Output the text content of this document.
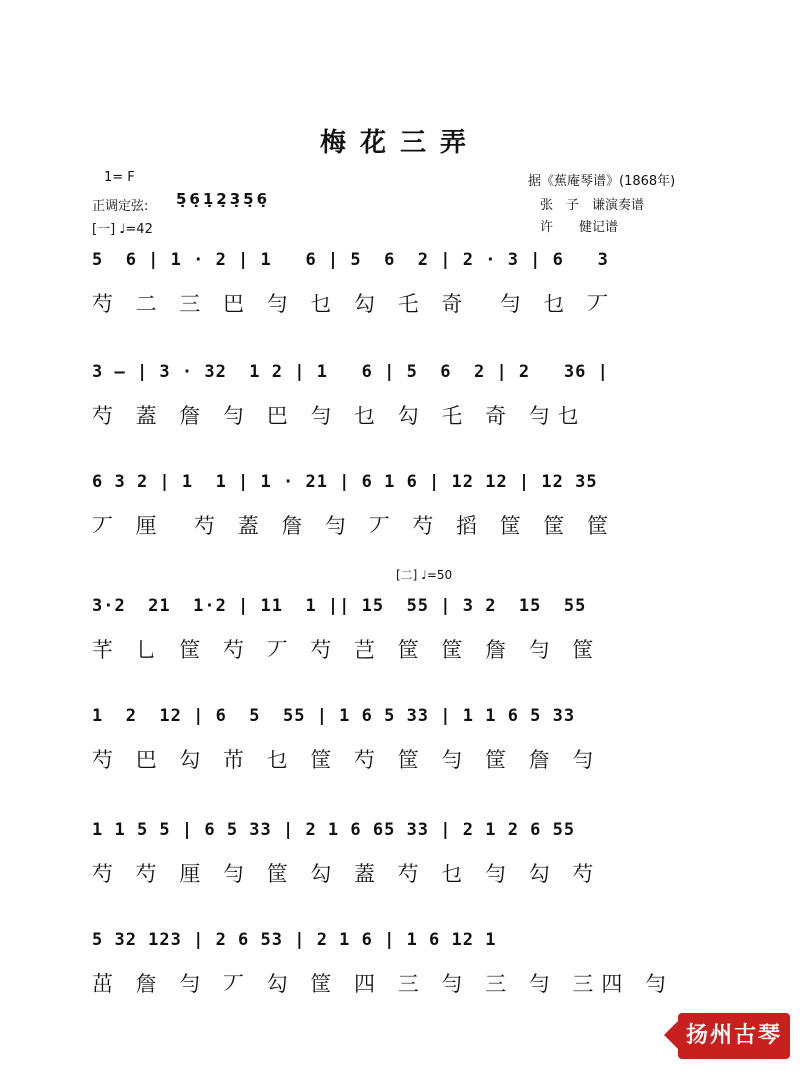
梅花三弄
1= F
正调定弦: 5̣6̣1̣2̣3̣5̣6̣
[一] ♩=42
据《蕉庵琴谱》(1868年)
张　子　谦演奏谱
许　　健记谱
5  6 | 1 · 2 | 1   6 | 5  6  2 | 2 · 3 | 6   3
芍 二 三 巴 勻 乜 勾 乇 奇  勻 乜 丆
3 — | 3 · 32  1 2 | 1   6 | 5  6  2 | 2   36 |
芍 蓋 詹 勻 巴 勻 乜 勾 乇 奇 勻乜
6 3 2 | 1  1 | 1 · 21 | 6 1 6 | 12 12 | 12 35
丆 厘  芍 蓋 詹 勻 丆 芍 搯 筐 筐 筐
[二] ♩=50
3·2  21  1·2 | 11  1 || 15  55 | 3 2  15  55
芊 乚 筐 芍 丆 芍 芑 筐 筐 詹 勻 筐
1  2  12 | 6  5  55 | 1 6 5 33 | 1 1 6 5 33
芍 巴 勾 芇 乜 筐 芍 筐 勻 筐 詹 勻
1 1 5 5 | 6 5 33 | 2 1 6 65 33 | 2 1 2 6 55
芍 芍 厘 勻 筐 勾 蓋 芍 乜 勻 勾 芍
5 32 123 | 2 6 53 | 2 1 6 | 1 6 12 1
茁 詹 勻 丆 勾 筐 四 三 勻 三 勻 三四 勻
扬州古琴
